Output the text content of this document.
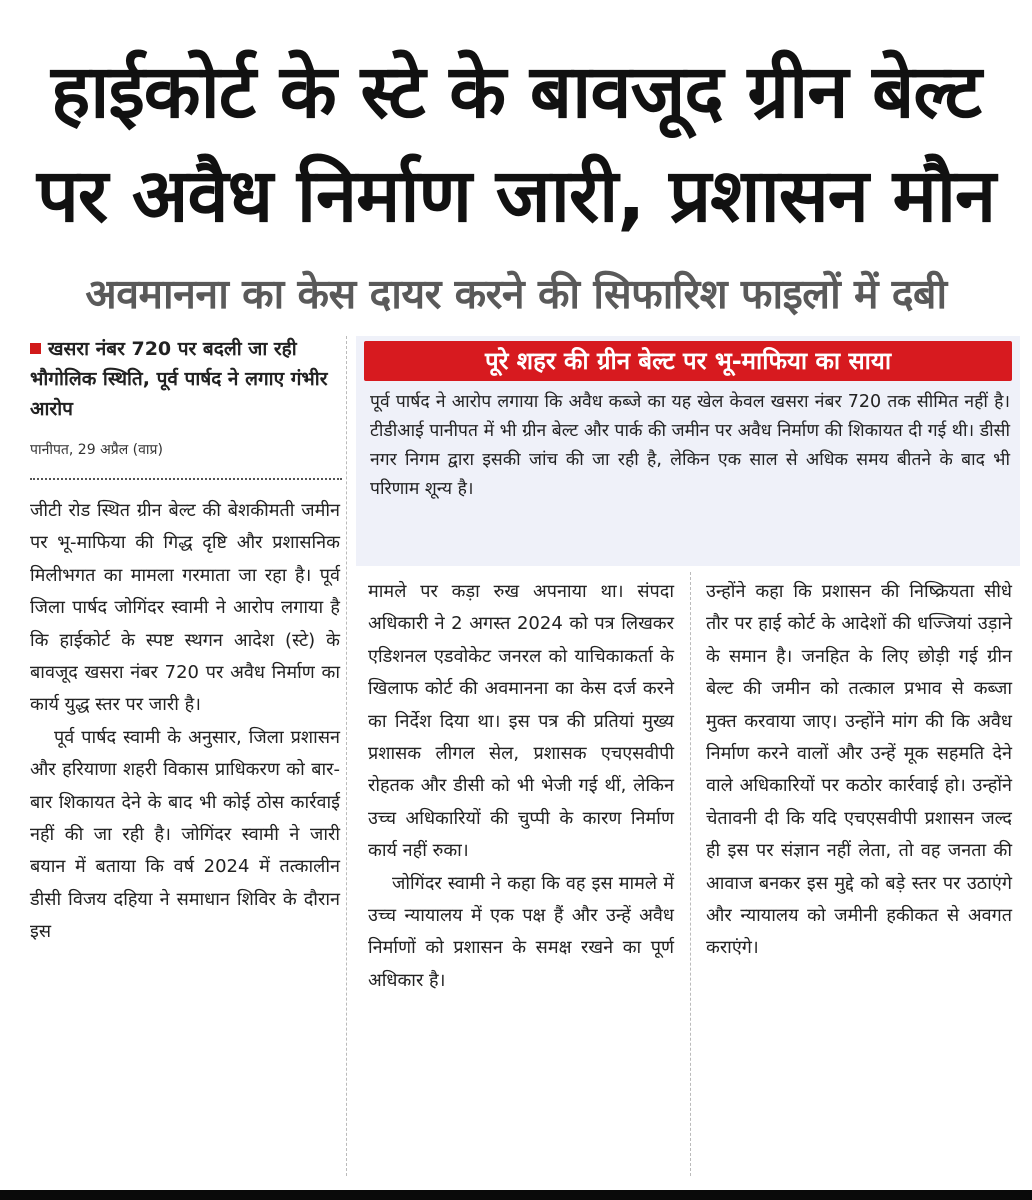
हाईकोर्ट के स्टे के बावजूद ग्रीन बेल्ट
पर अवैध निर्माण जारी, प्रशासन मौन
अवमानना का केस दायर करने की सिफारिश फाइलों में दबी
खसरा नंबर 720 पर बदली जा रही भौगोलिक स्थिति, पूर्व पार्षद ने लगाए गंभीर आरोप
पानीपत, 29 अप्रैल (वाप्र)
पूरे शहर की ग्रीन बेल्ट पर भू-माफिया का साया
पूर्व पार्षद ने आरोप लगाया कि अवैध कब्जे का यह खेल केवल खसरा नंबर 720 तक सीमित नहीं है। टीडीआई पानीपत में भी ग्रीन बेल्ट और पार्क की जमीन पर अवैध निर्माण की शिकायत दी गई थी। डीसी नगर निगम द्वारा इसकी जांच की जा रही है, लेकिन एक साल से अधिक समय बीतने के बाद भी परिणाम शून्य है।

जीटी रोड स्थित ग्रीन बेल्ट की बेशकीमती जमीन पर भू-माफिया की गिद्ध दृष्टि और प्रशासनिक मिलीभगत का मामला गरमाता जा रहा है। पूर्व जिला पार्षद जोगिंदर स्वामी ने आरोप लगाया है कि हाईकोर्ट के स्पष्ट स्थगन आदेश (स्टे) के बावजूद खसरा नंबर 720 पर अवैध निर्माण का कार्य युद्ध स्तर पर जारी है।

पूर्व पार्षद स्वामी के अनुसार, जिला प्रशासन और हरियाणा शहरी विकास प्राधिकरण को बार-बार शिकायत देने के बाद भी कोई ठोस कार्रवाई नहीं की जा रही है। जोगिंदर स्वामी ने जारी बयान में बताया कि वर्ष 2024 में तत्कालीन डीसी विजय दहिया ने समाधान शिविर के दौरान इस

मामले पर कड़ा रुख अपनाया था। संपदा अधिकारी ने 2 अगस्त 2024 को पत्र लिखकर एडिशनल एडवोकेट जनरल को याचिकाकर्ता के खिलाफ कोर्ट की अवमानना का केस दर्ज करने का निर्देश दिया था। इस पत्र की प्रतियां मुख्य प्रशासक लीगल सेल, प्रशासक एचएसवीपी रोहतक और डीसी को भी भेजी गई थीं, लेकिन उच्च अधिकारियों की चुप्पी के कारण निर्माण कार्य नहीं रुका।

जोगिंदर स्वामी ने कहा कि वह इस मामले में उच्च न्यायालय में एक पक्ष हैं और उन्हें अवैध निर्माणों को प्रशासन के समक्ष रखने का पूर्ण अधिकार है।

उन्होंने कहा कि प्रशासन की निष्क्रियता सीधे तौर पर हाई कोर्ट के आदेशों की धज्जियां उड़ाने के समान है। जनहित के लिए छोड़ी गई ग्रीन बेल्ट की जमीन को तत्काल प्रभाव से कब्जा मुक्त करवाया जाए। उन्होंने मांग की कि अवैध निर्माण करने वालों और उन्हें मूक सहमति देने वाले अधिकारियों पर कठोर कार्रवाई हो। उन्होंने चेतावनी दी कि यदि एचएसवीपी प्रशासन जल्द ही इस पर संज्ञान नहीं लेता, तो वह जनता की आवाज बनकर इस मुद्दे को बड़े स्तर पर उठाएंगे और न्यायालय को जमीनी हकीकत से अवगत कराएंगे।
